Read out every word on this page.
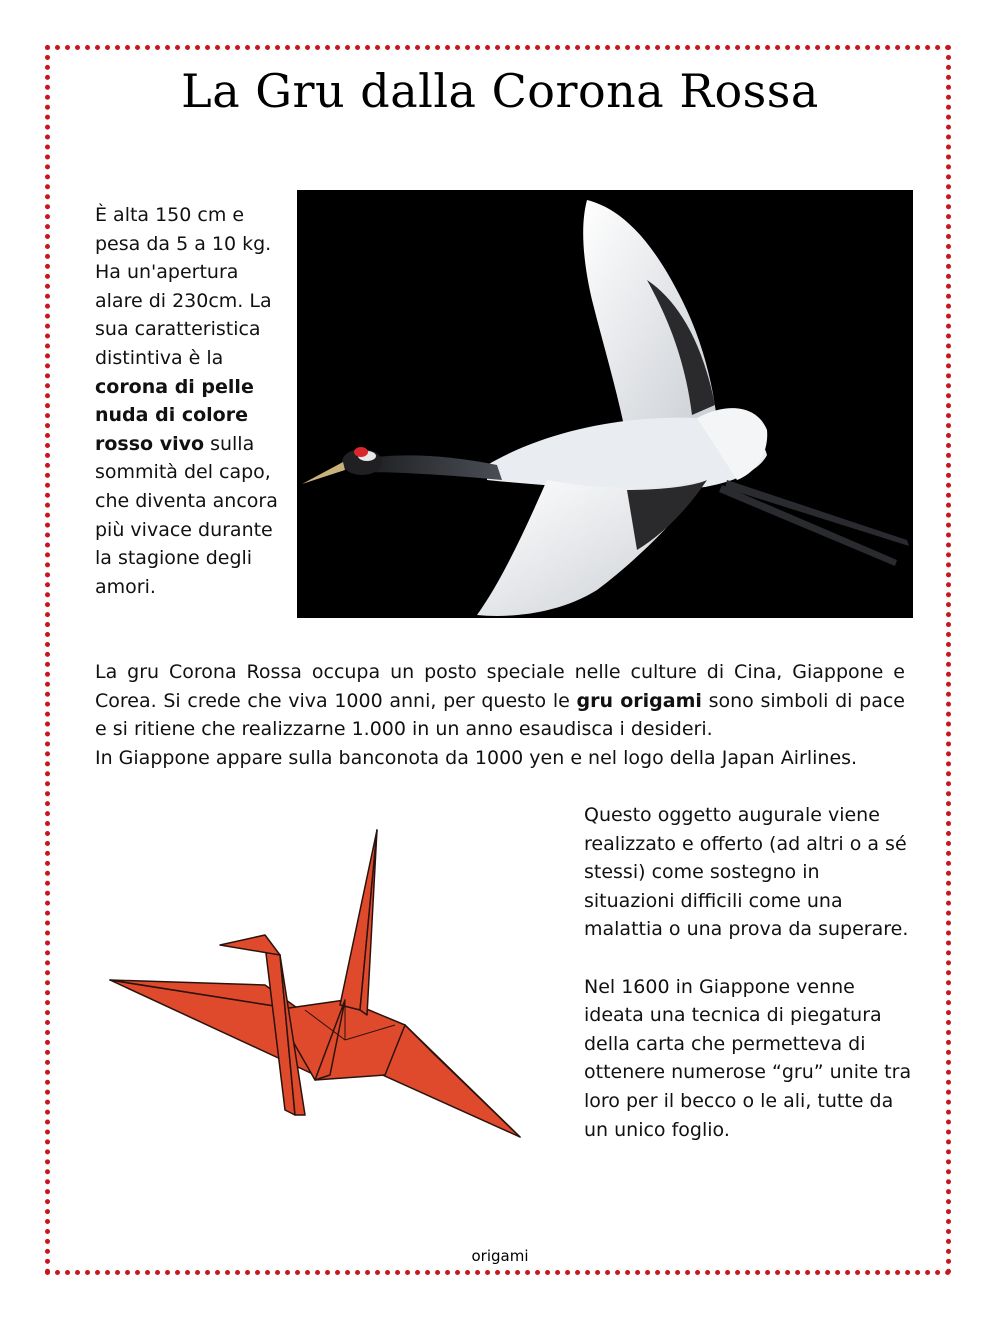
La Gru dalla Corona Rossa
È alta 150 cm e pesa da 5 a 10 kg. Ha un'apertura alare di 230cm. La sua caratteristica distintiva è la corona di pelle nuda di colore rosso vivo sulla sommità del capo, che diventa ancora più vivace durante la stagione degli amori.

La gru Corona Rossa occupa un posto speciale nelle culture di Cina, Giappone e Corea. Si crede che viva 1000 anni, per questo le gru origami sono simboli di pace e si ritiene che realizzarne 1.000 in un anno esaudisca i desideri.

In Giappone appare sulla banconota da 1000 yen e nel logo della Japan Airlines.

Questo oggetto augurale viene realizzato e offerto (ad altri o a sé stessi) come sostegno in situazioni difficili come una malattia o una prova da superare.

Nel 1600 in Giappone venne ideata una tecnica di piegatura della carta che permetteva di ottenere numerose “gru” unite tra loro per il becco o le ali, tutte da un unico foglio.

origami
